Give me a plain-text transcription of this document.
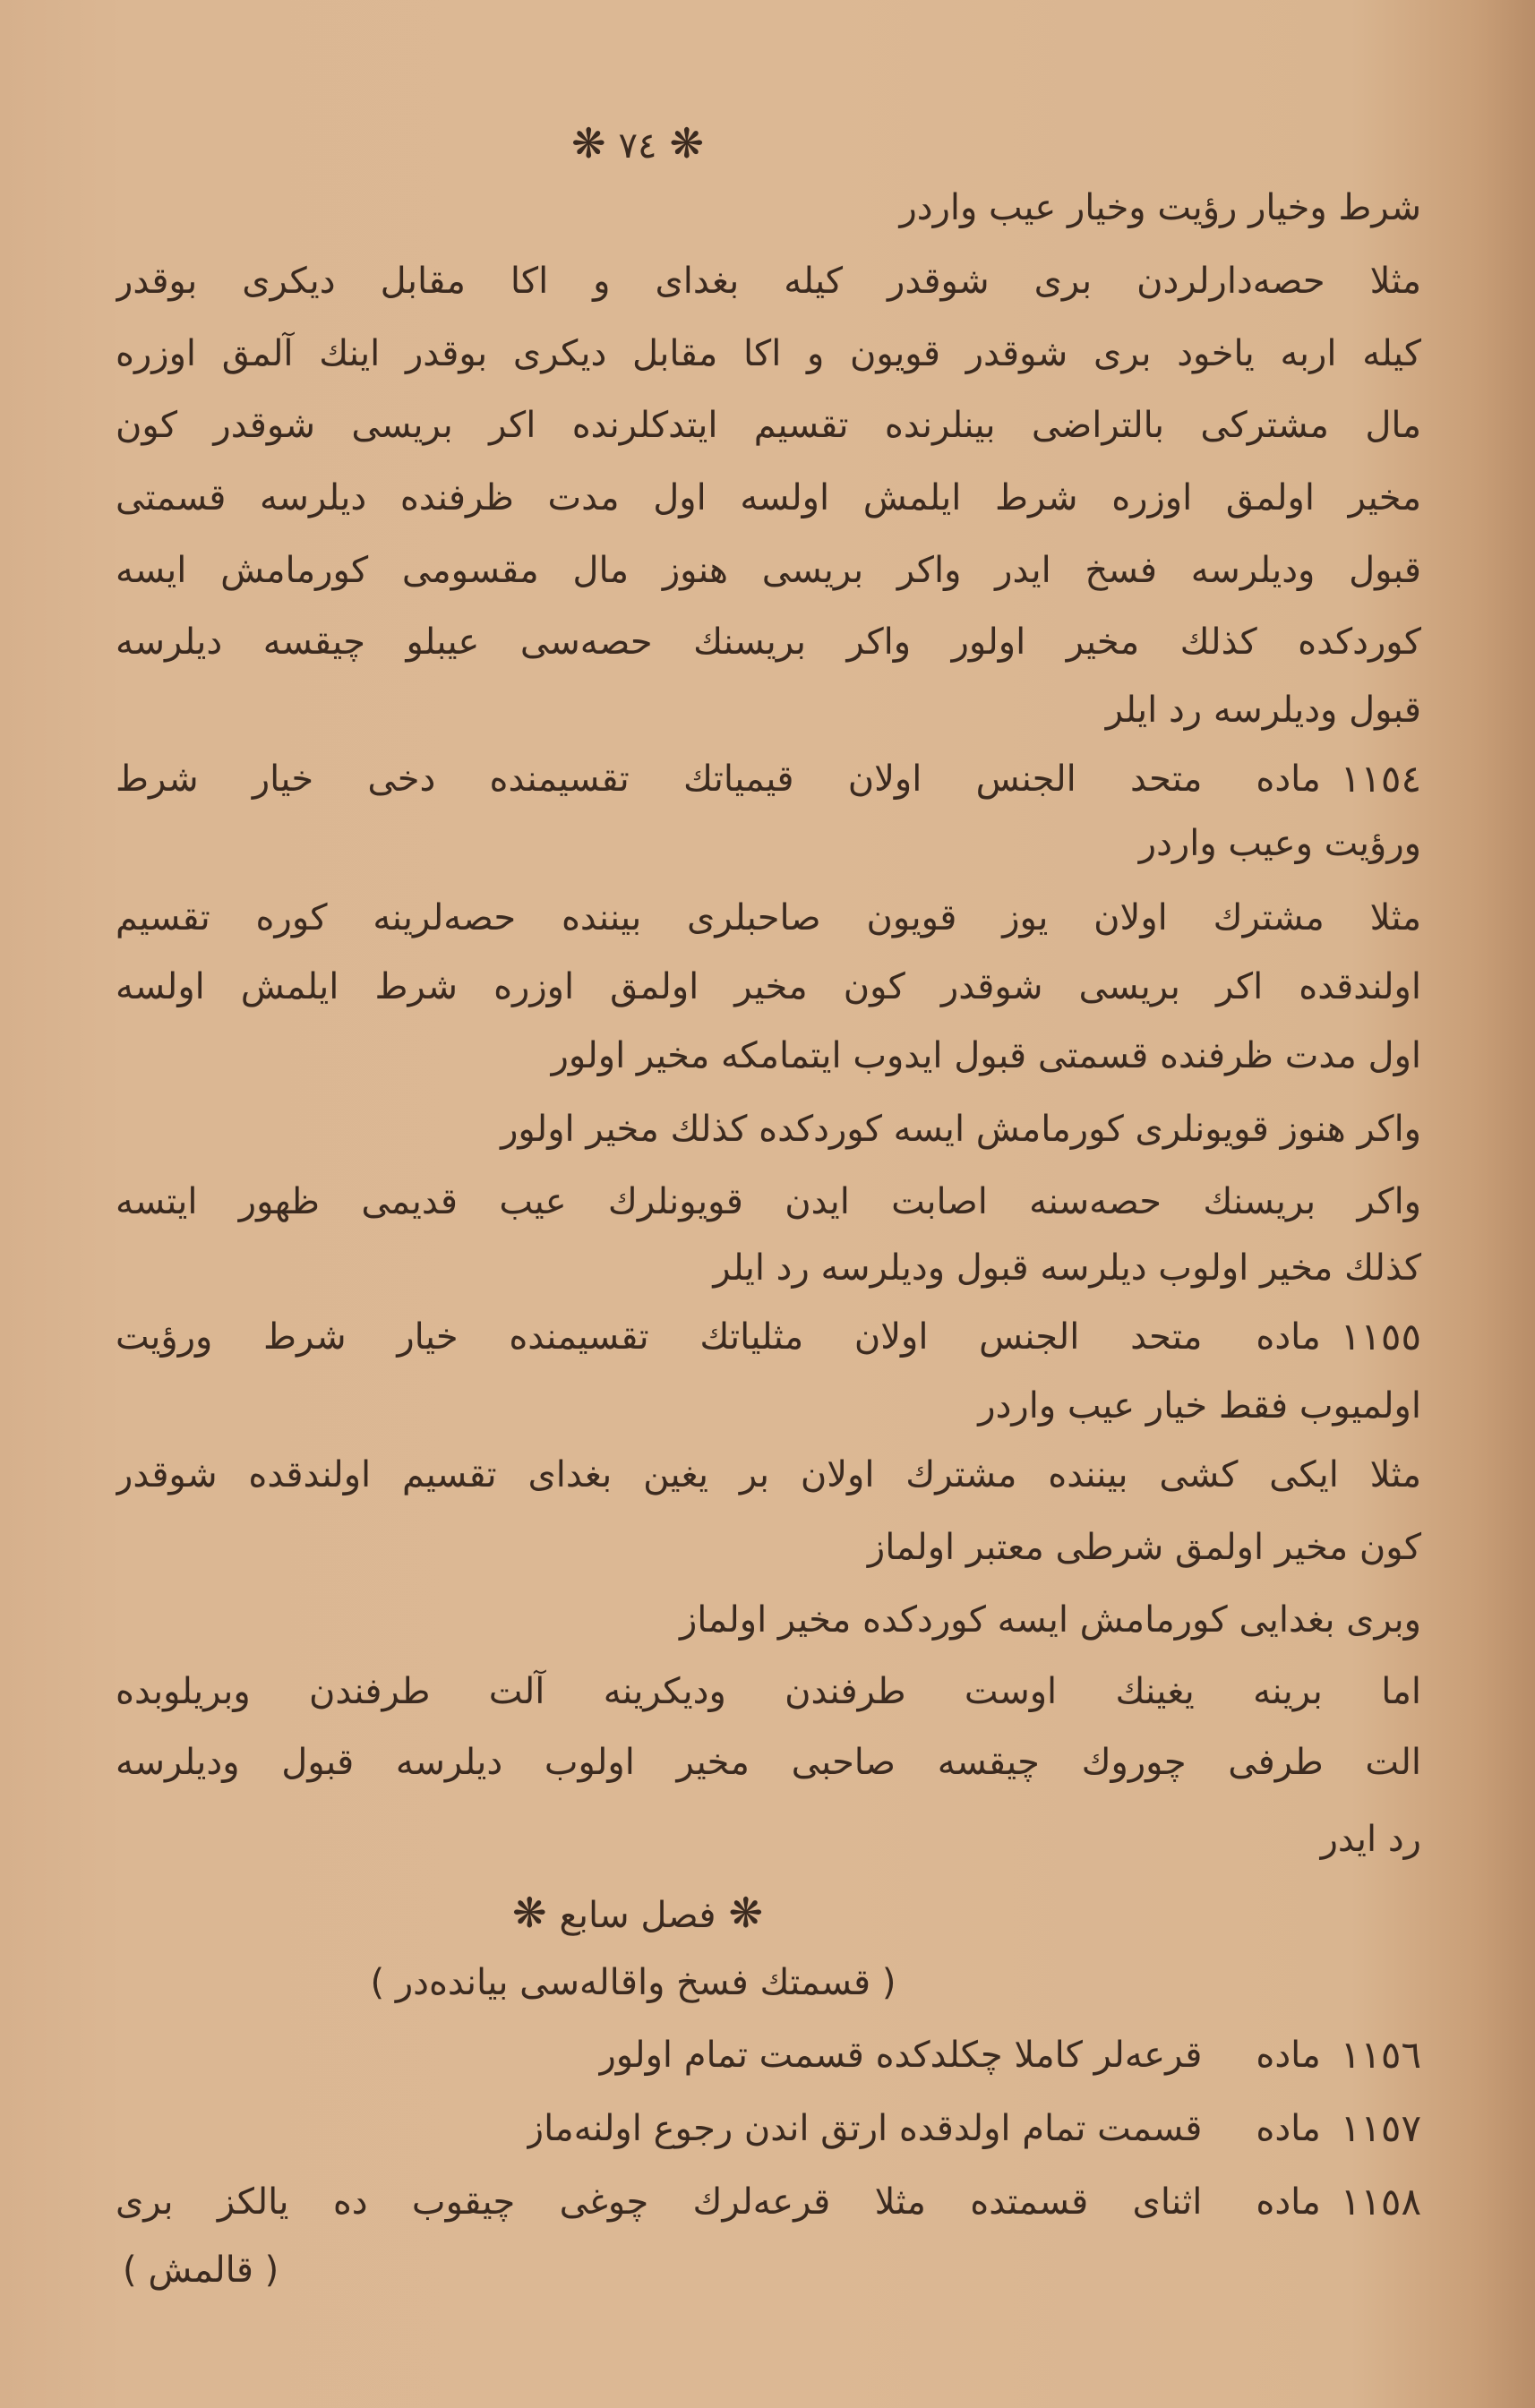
❋٧٤❋
شرط وخيار رؤيت وخيار عيب واردر
مثلا حصه‌دارلردن بری شوقدر كيله بغدای و اكا مقابل ديكری بوقدر
كيله اربه‌ ياخود بری شوقدر قويون و اكا مقابل ديكری بوقدر اينك آلمق اوزره
مال مشتركی بالتراضی بينلرنده تقسيم ايتدكلرنده اكر بريسی شوقدر كون
مخير اولمق اوزره شرط ايلمش اولسه اول مدت ظرفنده ديلرسه قسمتی
قبول وديلرسه فسخ ايدر واكر بريسی هنوز مال مقسومی كورمامش ايسه
كوردكده كذلك مخير اولور واكر بريسنك حصه‌سی عيبلو چيقسه ديلرسه
قبول وديلرسه رد ايلر
١١٥٤
ماده
متحد الجنس اولان قيمياتك تقسيمنده دخی خيار شرط
ورؤيت وعيب واردر
مثلا مشترك اولان يوز قويون صاحبلری بيننده حصه‌لرينه كوره تقسيم
اولندقده اكر بريسی شوقدر كون مخير اولمق اوزره شرط ايلمش اولسه
اول مدت ظرفنده قسمتی قبول ايدوب ايتمامكه مخير اولور
واكر هنوز قويونلری كورمامش ايسه كوردكده كذلك مخير اولور
واكر بريسنك حصه‌سنه اصابت ايدن قويونلرك عيب قديمی ظهور ايتسه
كذلك مخير اولوب ديلرسه قبول وديلرسه رد ايلر
١١٥٥
ماده
متحد الجنس اولان مثلياتك تقسيمنده خيار شرط ورؤيت
اولميوب فقط خيار عيب واردر
مثلا ايكی كشی بيننده مشترك اولان بر يغين بغدای تقسيم اولندقده شوقدر
كون مخير اولمق شرطی معتبر اولماز
وبری بغدايی كورمامش ايسه كوردكده مخير اولماز
اما برينه يغينك اوست طرفندن وديكرينه آلت طرفندن وبريلوبده
الت طرفی چوروك چيقسه صاحبی مخير اولوب ديلرسه قبول وديلرسه
رد ايدر
❋فصل سابع❋
( قسمتك فسخ واقاله‌سی بيانده‌در )
١١٥٦
ماده
قرعه‌لر كاملا چكلدكده قسمت تمام اولور
١١٥٧
ماده
قسمت تمام اولدقده ارتق اندن رجوع اولنه‌ماز
١١٥٨
ماده
اثنای قسمتده مثلا قرعه‌لرك چوغی چيقوب ده يالكز بری
( قالمش )
